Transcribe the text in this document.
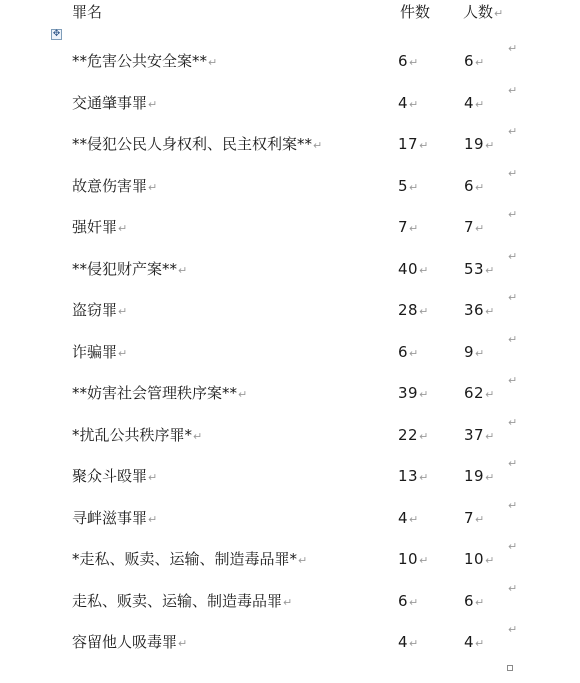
✥
罪名	件数 人数↵
**危害公共安全案**↵	6↵	6↵
↵
交通肇事罪↵	4↵	4↵
↵
**侵犯公民人身权利、民主权利案**↵	17↵ 19↵
↵
故意伤害罪↵	5↵	6↵
↵
强奸罪↵	7↵	7↵
↵
**侵犯财产案**↵	40↵ 53↵
↵
盗窃罪↵	28↵ 36↵
↵
诈骗罪↵	6↵	9↵
↵
**妨害社会管理秩序案**↵	39↵ 62↵
↵
*扰乱公共秩序罪*↵	22↵ 37↵
↵
聚众斗殴罪↵	13↵ 19↵
↵
寻衅滋事罪↵	4↵	7↵
↵
*走私、贩卖、运输、制造毒品罪*↵	10↵ 10↵
↵
走私、贩卖、运输、制造毒品罪↵	6↵	6↵
↵
容留他人吸毒罪↵	4↵	4↵
↵
